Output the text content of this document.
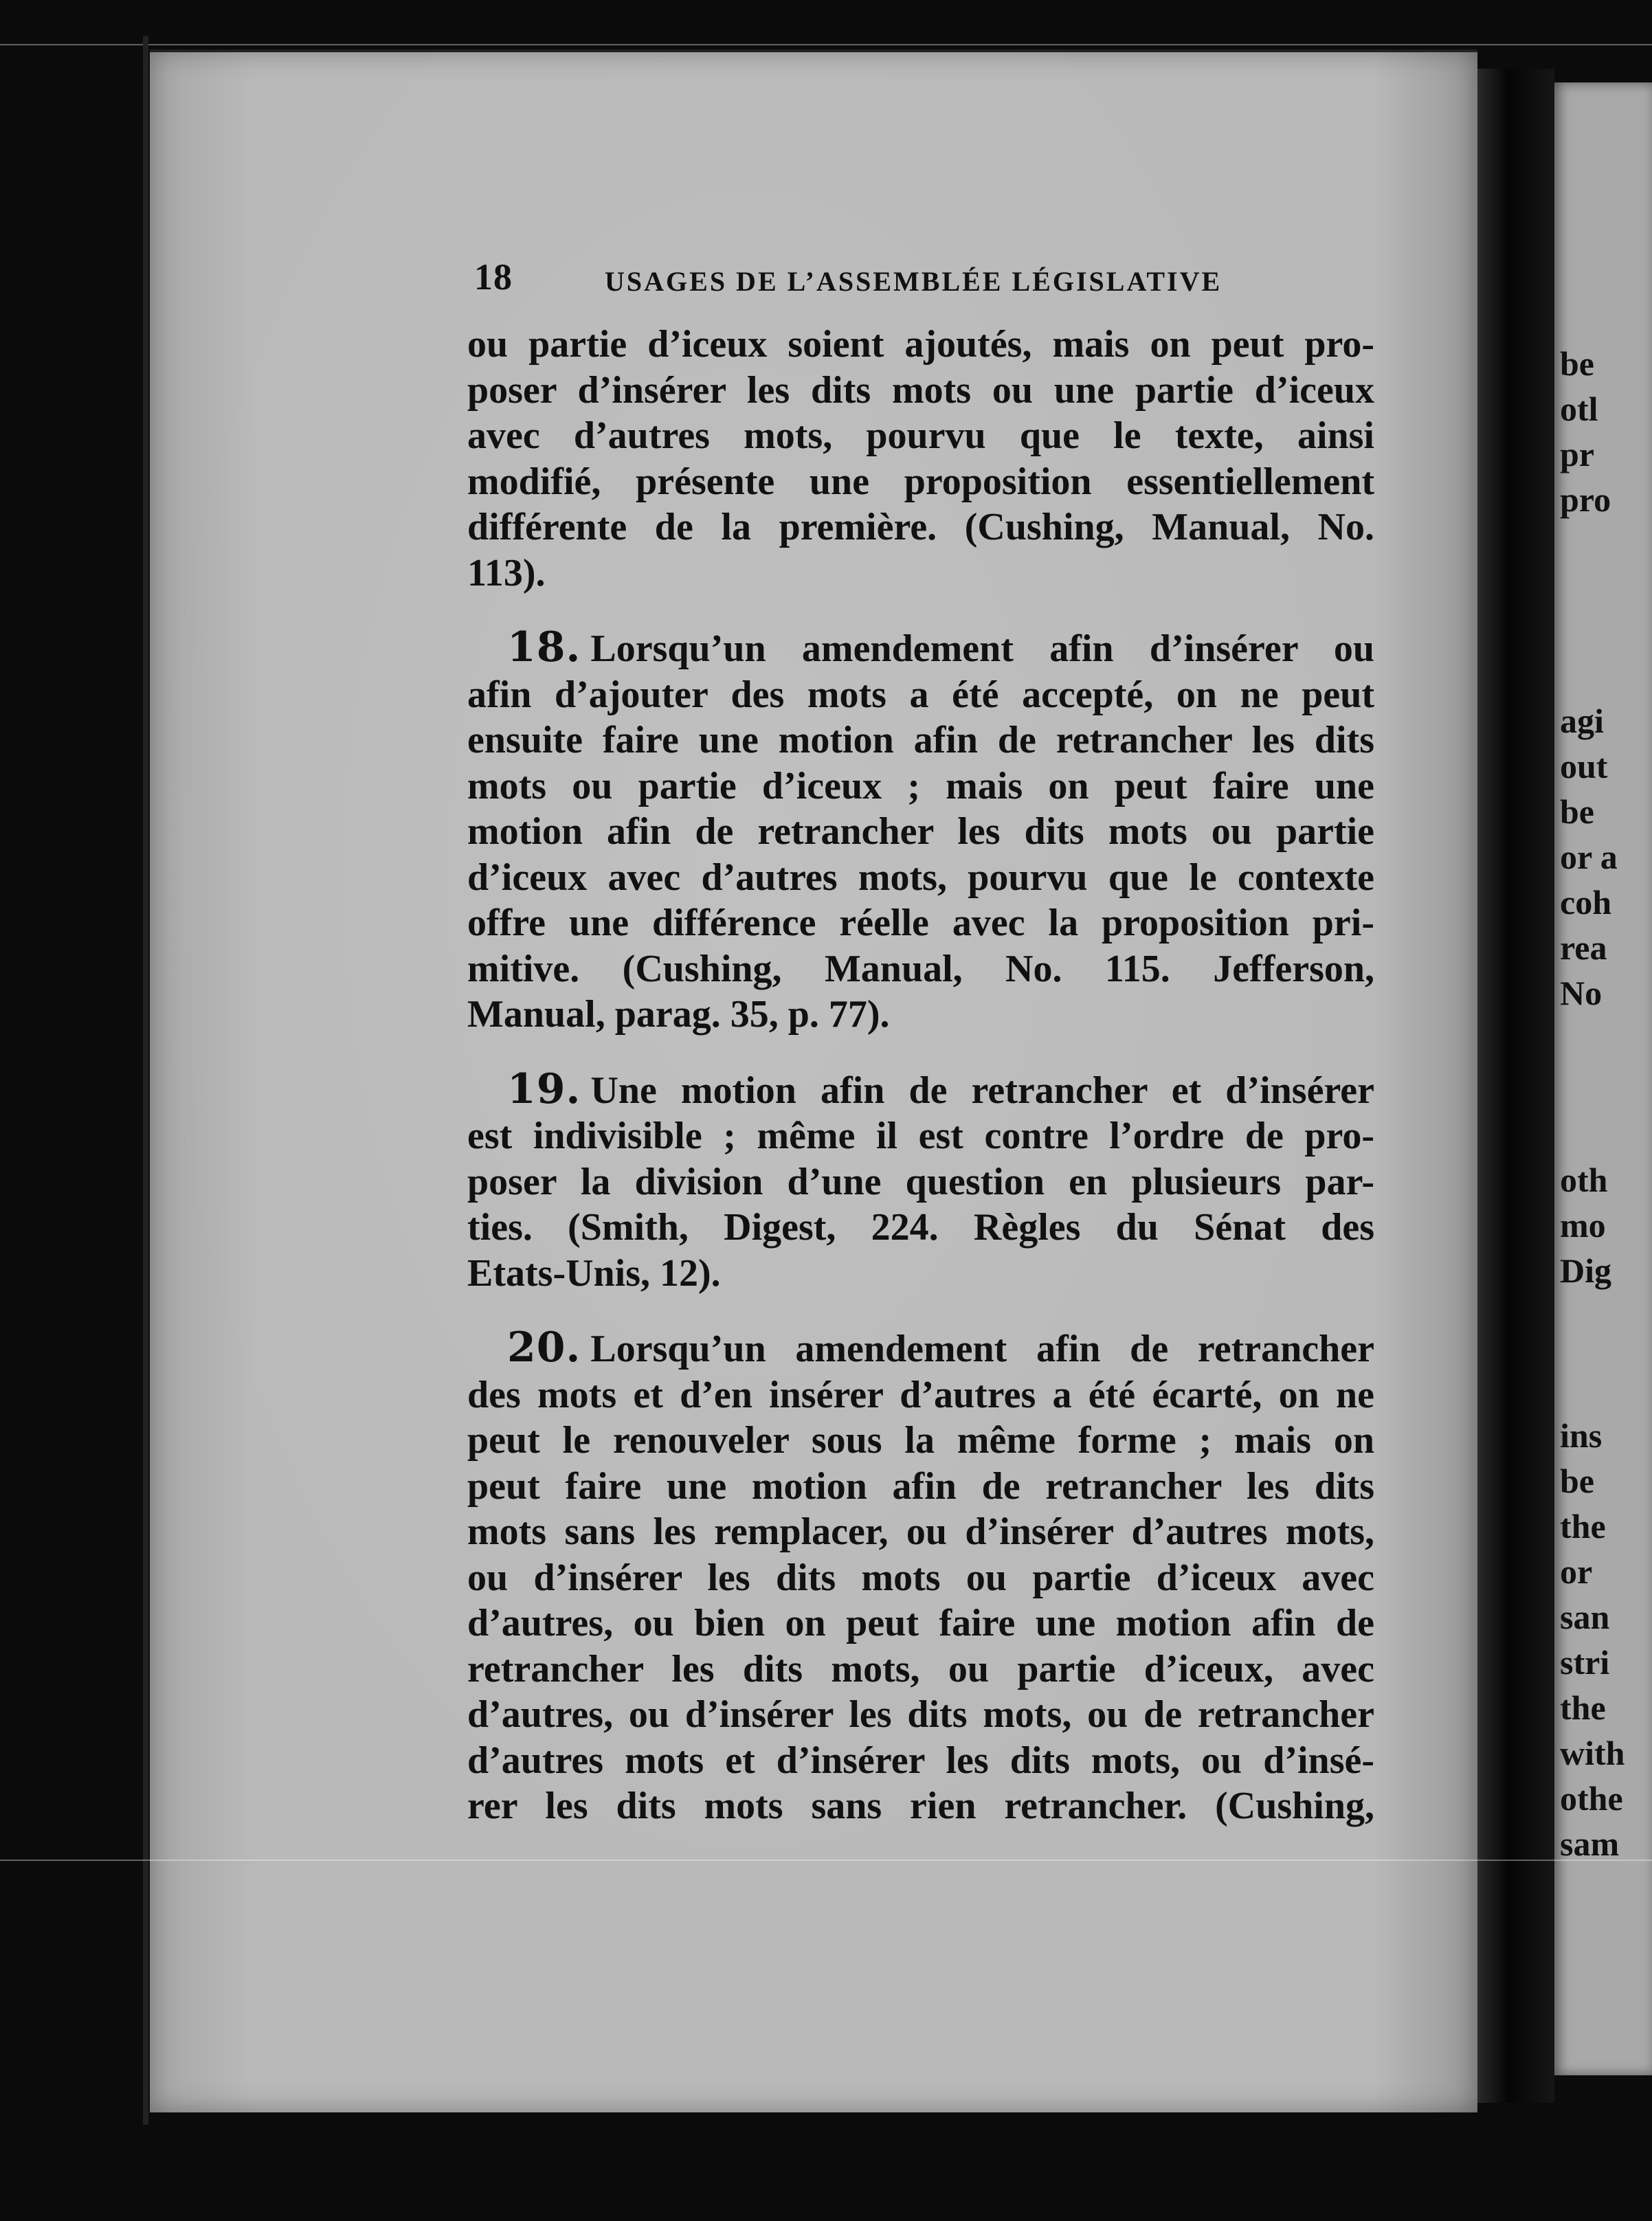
be
otl
pr
pro
agi
out
be
or a
coh
rea
No
oth
mo
Dig
ins
be
the
or
san
stri
the
with
othe
sam
18	USAGES DE L’ASSEMBLÉE LÉGISLATIVE
ou partie d’iceux soient ajoutés, mais on peut pro-
poser d’insérer les dits mots ou une partie d’iceux
avec d’autres mots, pourvu que le texte, ainsi
modifié, présente une proposition essentiellement
différente de la première. (Cushing, Manual, No.
113).
18. Lorsqu’un amendement afin d’insérer ou
afin d’ajouter des mots a été accepté, on ne peut
ensuite faire une motion afin de retrancher les dits
mots ou partie d’iceux ; mais on peut faire une
motion afin de retrancher les dits mots ou partie
d’iceux avec d’autres mots, pourvu que le contexte
offre une différence réelle avec la proposition pri-
mitive. (Cushing, Manual, No. 115. Jefferson,
Manual, parag. 35, p. 77).
19. Une motion afin de retrancher et d’insérer
est indivisible ; même il est contre l’ordre de pro-
poser la division d’une question en plusieurs par-
ties. (Smith, Digest, 224. Règles du Sénat des
Etats-Unis, 12).
20. Lorsqu’un amendement afin de retrancher
des mots et d’en insérer d’autres a été écarté, on ne
peut le renouveler sous la même forme ; mais on
peut faire une motion afin de retrancher les dits
mots sans les remplacer, ou d’insérer d’autres mots,
ou d’insérer les dits mots ou partie d’iceux avec
d’autres, ou bien on peut faire une motion afin de
retrancher les dits mots, ou partie d’iceux, avec
d’autres, ou d’insérer les dits mots, ou de retrancher
d’autres mots et d’insérer les dits mots, ou d’insé-
rer les dits mots sans rien retrancher. (Cushing,
